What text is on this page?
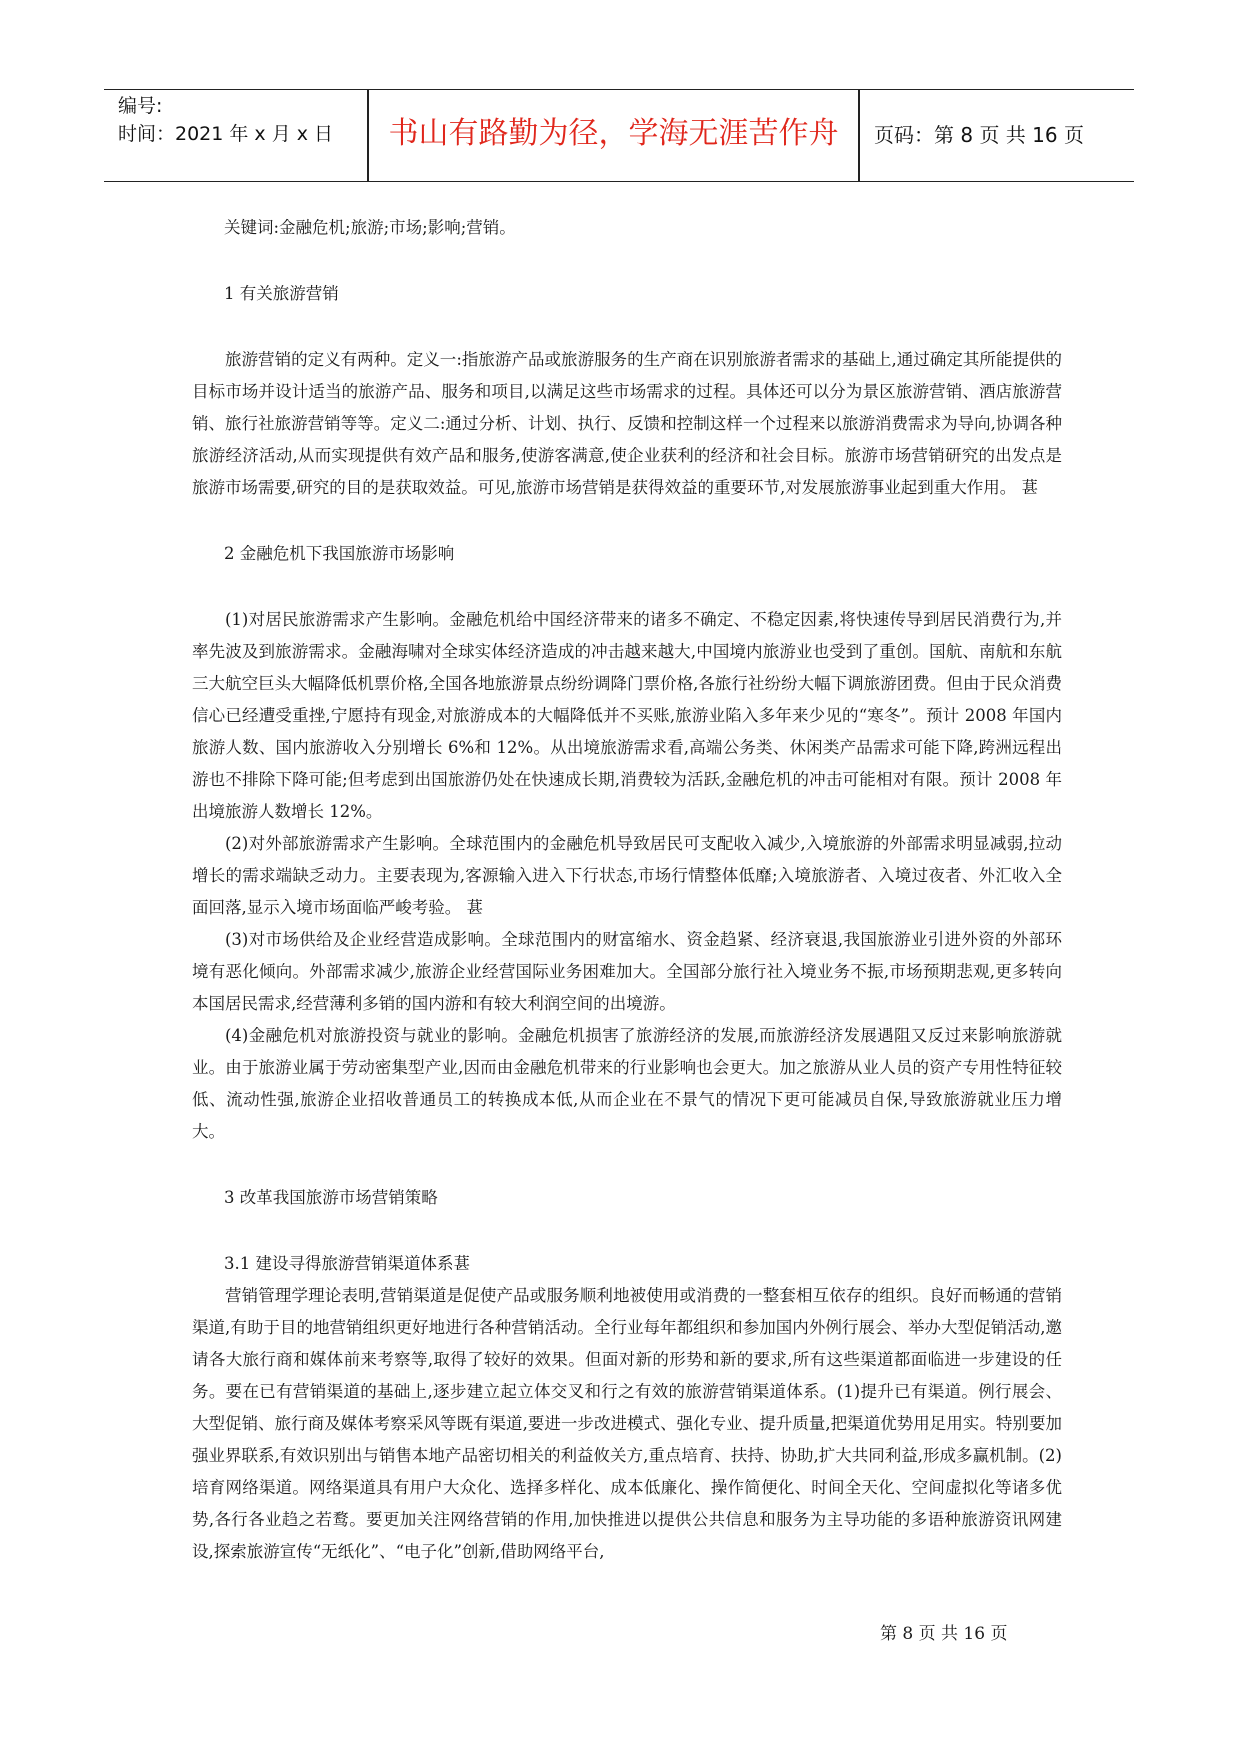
编号:
时间：2021 年 x 月 x 日	书山有路勤为径，学海无涯苦作舟	页码：第 8 页 共 16 页

关键词:金融危机;旅游;市场;影响;营销。

1 有关旅游营销

旅游营销的定义有两种。定义一:指旅游产品或旅游服务的生产商在识别旅游者需求的基础上,通过确定其所能提供的目标市场并设计适当的旅游产品、服务和项目,以满足这些市场需求的过程。具体还可以分为景区旅游营销、酒店旅游营销、旅行社旅游营销等等。定义二:通过分析、计划、执行、反馈和控制这样一个过程来以旅游消费需求为导向,协调各种旅游经济活动,从而实现提供有效产品和服务,使游客满意,使企业获利的经济和社会目标。旅游市场营销研究的出发点是旅游市场需要,研究的目的是获取效益。可见,旅游市场营销是获得效益的重要环节,对发展旅游事业起到重大作用。 葚

2 金融危机下我国旅游市场影响

(1)对居民旅游需求产生影响。金融危机给中国经济带来的诸多不确定、不稳定因素,将快速传导到居民消费行为,并率先波及到旅游需求。金融海啸对全球实体经济造成的冲击越来越大,中国境内旅游业也受到了重创。国航、南航和东航三大航空巨头大幅降低机票价格,全国各地旅游景点纷纷调降门票价格,各旅行社纷纷大幅下调旅游团费。但由于民众消费信心已经遭受重挫,宁愿持有现金,对旅游成本的大幅降低并不买账,旅游业陷入多年来少见的“寒冬”。预计 2008 年国内旅游人数、国内旅游收入分别增长 6%和 12%。从出境旅游需求看,高端公务类、休闲类产品需求可能下降,跨洲远程出游也不排除下降可能;但考虑到出国旅游仍处在快速成长期,消费较为活跃,金融危机的冲击可能相对有限。预计 2008 年出境旅游人数增长 12%。

(2)对外部旅游需求产生影响。全球范围内的金融危机导致居民可支配收入减少,入境旅游的外部需求明显减弱,拉动增长的需求端缺乏动力。主要表现为,客源输入进入下行状态,市场行情整体低靡;入境旅游者、入境过夜者、外汇收入全面回落,显示入境市场面临严峻考验。 葚

(3)对市场供给及企业经营造成影响。全球范围内的财富缩水、资金趋紧、经济衰退,我国旅游业引进外资的外部环境有恶化倾向。外部需求减少,旅游企业经营国际业务困难加大。全国部分旅行社入境业务不振,市场预期悲观,更多转向本国居民需求,经营薄利多销的国内游和有较大利润空间的出境游。

(4)金融危机对旅游投资与就业的影响。金融危机损害了旅游经济的发展,而旅游经济发展遇阻又反过来影响旅游就业。由于旅游业属于劳动密集型产业,因而由金融危机带来的行业影响也会更大。加之旅游从业人员的资产专用性特征较低、流动性强,旅游企业招收普通员工的转换成本低,从而企业在不景气的情况下更可能减员自保,导致旅游就业压力增大。

3 改革我国旅游市场营销策略

3.1 建设寻得旅游营销渠道体系葚

营销管理学理论表明,营销渠道是促使产品或服务顺利地被使用或消费的一整套相互依存的组织。良好而畅通的营销渠道,有助于目的地营销组织更好地进行各种营销活动。全行业每年都组织和参加国内外例行展会、举办大型促销活动,邀请各大旅行商和媒体前来考察等,取得了较好的效果。但面对新的形势和新的要求,所有这些渠道都面临进一步建设的任务。要在已有营销渠道的基础上,逐步建立起立体交叉和行之有效的旅游营销渠道体系。(1)提升已有渠道。例行展会、大型促销、旅行商及媒体考察采风等既有渠道,要进一步改进模式、强化专业、提升质量,把渠道优势用足用实。特别要加强业界联系,有效识别出与销售本地产品密切相关的利益攸关方,重点培育、扶持、协助,扩大共同利益,形成多赢机制。(2)培育网络渠道。网络渠道具有用户大众化、选择多样化、成本低廉化、操作简便化、时间全天化、空间虚拟化等诸多优势,各行各业趋之若鹜。要更加关注网络营销的作用,加快推进以提供公共信息和服务为主导功能的多语种旅游资讯网建设,探索旅游宣传“无纸化”、“电子化”创新,借助网络平台,

第 8 页 共 16 页
